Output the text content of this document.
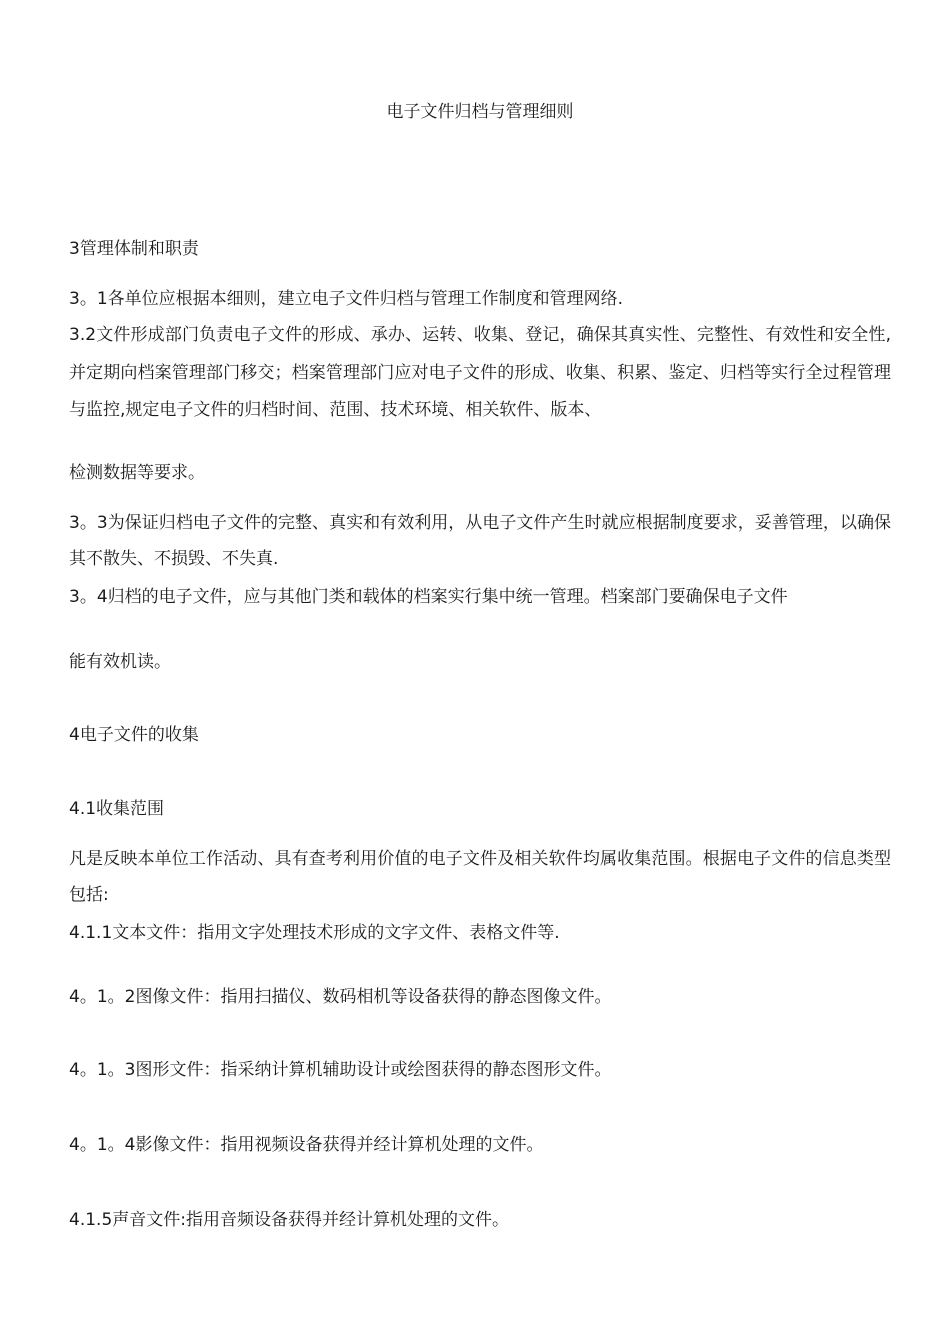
电子文件归档与管理细则
3管理体制和职责
3。1各单位应根据本细则，建立电子文件归档与管理工作制度和管理网络.
3.2文件形成部门负责电子文件的形成、承办、运转、收集、登记，确保其真实性、完整性、有效性和安全性,并定期向档案管理部门移交；档案管理部门应对电子文件的形成、收集、积累、鉴定、归档等实行全过程管理与监控,规定电子文件的归档时间、范围、技术环境、相关软件、版本、
检测数据等要求。
3。3为保证归档电子文件的完整、真实和有效利用，从电子文件产生时就应根据制度要求，妥善管理，以确保其不散失、不损毁、不失真.
3。4归档的电子文件，应与其他门类和载体的档案实行集中统一管理。档案部门要确保电子文件
能有效机读。
4电子文件的收集
4.1收集范围
凡是反映本单位工作活动、具有查考利用价值的电子文件及相关软件均属收集范围。根据电子文件的信息类型包括:
4.1.1文本文件：指用文字处理技术形成的文字文件、表格文件等.
4。1。2图像文件：指用扫描仪、数码相机等设备获得的静态图像文件。
4。1。3图形文件：指采纳计算机辅助设计或绘图获得的静态图形文件。
4。1。4影像文件：指用视频设备获得并经计算机处理的文件。
4.1.5声音文件:指用音频设备获得并经计算机处理的文件。
